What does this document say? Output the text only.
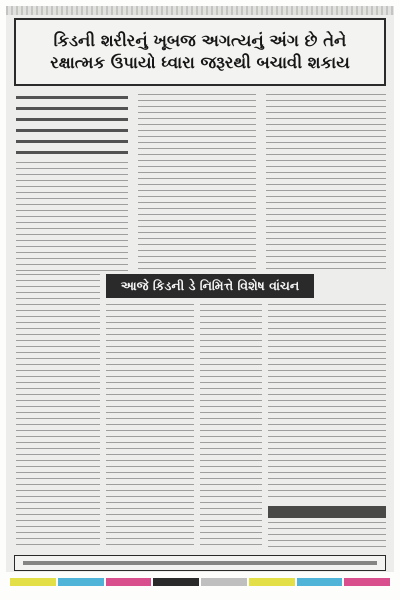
કિડની શરીરનું ખૂબજ અગત્યનું અંગ છે તેને
રક્ષાત્મક ઉપાયો ધ્વારા જરૂરથી બચાવી શકાય
આજે કિડની ડે નિમિત્તે વિશેષ વાંચન
